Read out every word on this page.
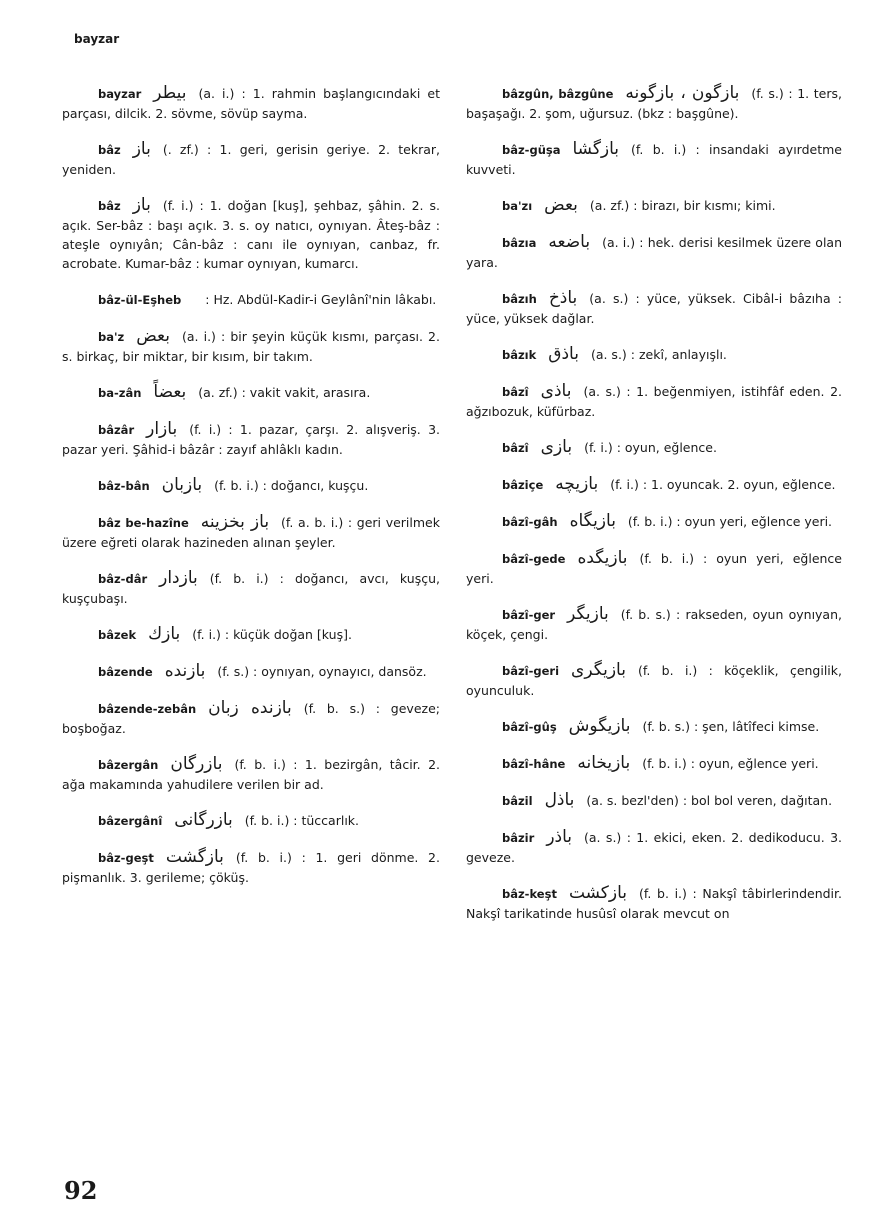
bayzar
bayzar بیطر (a. i.) : 1. rahmin başlangıcındaki et parçası, dilcik. 2. sövme, sövüp sayma.
bâz باز (. zf.) : 1. geri, gerisin geriye. 2. tekrar, yeniden.
bâz باز (f. i.) : 1. doğan [kuş], şehbaz, şâhin. 2. s. açık. Ser-bâz : başı açık. 3. s. oy natıcı, oynıyan. Âteş-bâz : ateşle oynıyân; Cân-bâz : canı ile oynıyan, canbaz, fr. acrobate. Kumar-bâz : kumar oynıyan, kumarcı.
bâz-ül-Eşheb : Hz. Abdül-Kadir-i Geylânî'nin lâkabı.
ba'z بعض (a. i.) : bir şeyin küçük kısmı, parçası. 2. s. birkaç, bir miktar, bir kısım, bir takım.
ba-zân بعضاً (a. zf.) : vakit vakit, arasıra.
bâzâr بازار (f. i.) : 1. pazar, çarşı. 2. alışveriş. 3. pazar yeri. Şâhid-i bâzâr : zayıf ahlâklı kadın.
bâz-bân بازبان (f. b. i.) : doğancı, kuşçu.
bâz be-hazîne باز بخزینه (f. a. b. i.) : geri verilmek üzere eğreti olarak hazineden alınan şeyler.
bâz-dâr بازدار (f. b. i.) : doğancı, avcı, kuşçu, kuşçubaşı.
bâzek بازك (f. i.) : küçük doğan [kuş].
bâzende بازنده (f. s.) : oynıyan, oynayıcı, dansöz.
bâzende-zebân بازنده زبان (f. b. s.) : geveze; boşboğaz.
bâzergân بازرگان (f. b. i.) : 1. bezirgân, tâcir. 2. ağa makamında yahudilere verilen bir ad.
bâzergânî بازرگانی (f. b. i.) : tüccarlık.
bâz-geşt بازگشت (f. b. i.) : 1. geri dönme. 2. pişmanlık. 3. gerileme; çöküş.
bâzgûn, bâzgûne بازگون ، بازگونه (f. s.) : 1. ters, başaşağı. 2. şom, uğursuz. (bkz : başgûne).
bâz-güşa بازگشا (f. b. i.) : insandaki ayırdetme kuvveti.
ba'zı بعض (a. zf.) : birazı, bir kısmı; kimi.
bâzıa باضعه (a. i.) : hek. derisi kesilmek üzere olan yara.
bâzıh باذخ (a. s.) : yüce, yüksek. Cibâl-i bâzıha : yüce, yüksek dağlar.
bâzık باذق (a. s.) : zekî, anlayışlı.
bâzî باذی (a. s.) : 1. beğenmiyen, istihfâf eden. 2. ağzıbozuk, küfürbaz.
bâzî بازی (f. i.) : oyun, eğlence.
bâziçe بازیچه (f. i.) : 1. oyuncak. 2. oyun, eğlence.
bâzî-gâh بازیگاه (f. b. i.) : oyun yeri, eğlence yeri.
bâzî-gede بازیگده (f. b. i.) : oyun yeri, eğlence yeri.
bâzî-ger بازیگر (f. b. s.) : rakseden, oyun oynıyan, köçek, çengi.
bâzî-geri بازیگری (f. b. i.) : köçeklik, çengilik, oyunculuk.
bâzî-gûş بازیگوش (f. b. s.) : şen, lâtîfeci kimse.
bâzî-hâne بازیخانه (f. b. i.) : oyun, eğlence yeri.
bâzil باذل (a. s. bezl'den) : bol bol veren, dağıtan.
bâzir باذر (a. s.) : 1. ekici, eken. 2. dedikoducu. 3. geveze.
bâz-keşt بازکشت (f. b. i.) : Nakşî tâbirlerindendir. Nakşî tarikatinde husûsî olarak mevcut on
92
